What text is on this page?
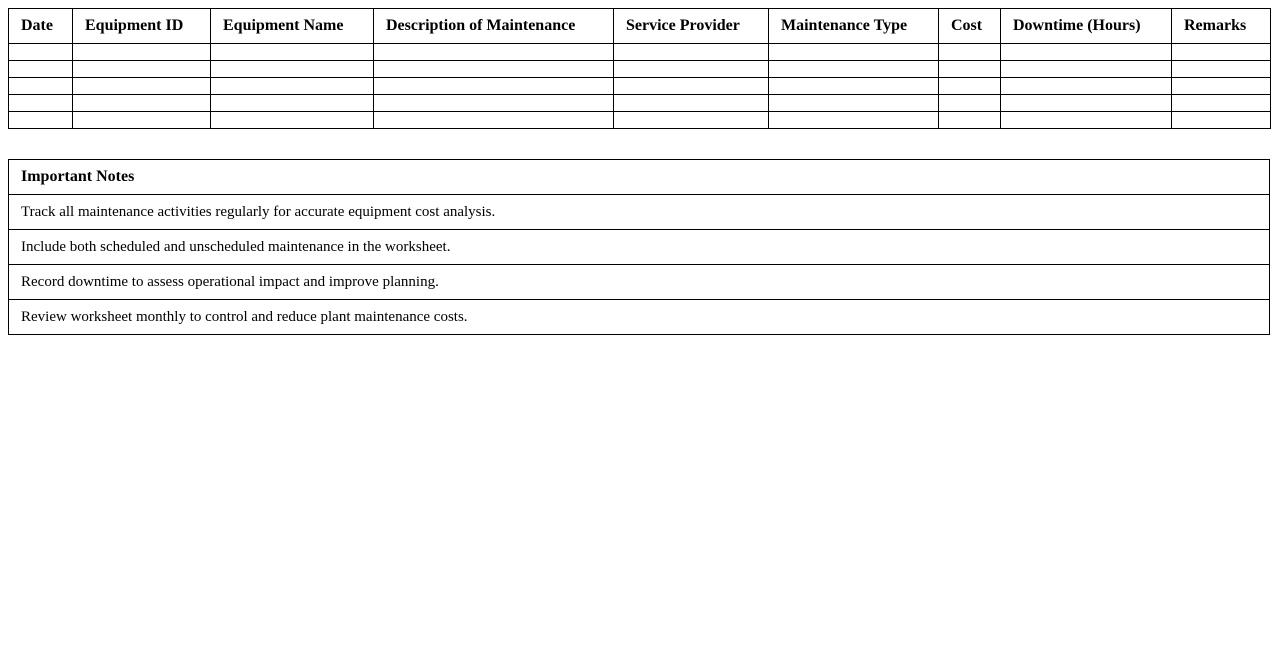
Date	Equipment ID	Equipment Name	Description of Maintenance	Service Provider	Maintenance Type	Cost	Downtime (Hours)	Remarks

Important Notes
Track all maintenance activities regularly for accurate equipment cost analysis.
Include both scheduled and unscheduled maintenance in the worksheet.
Record downtime to assess operational impact and improve planning.
Review worksheet monthly to control and reduce plant maintenance costs.
